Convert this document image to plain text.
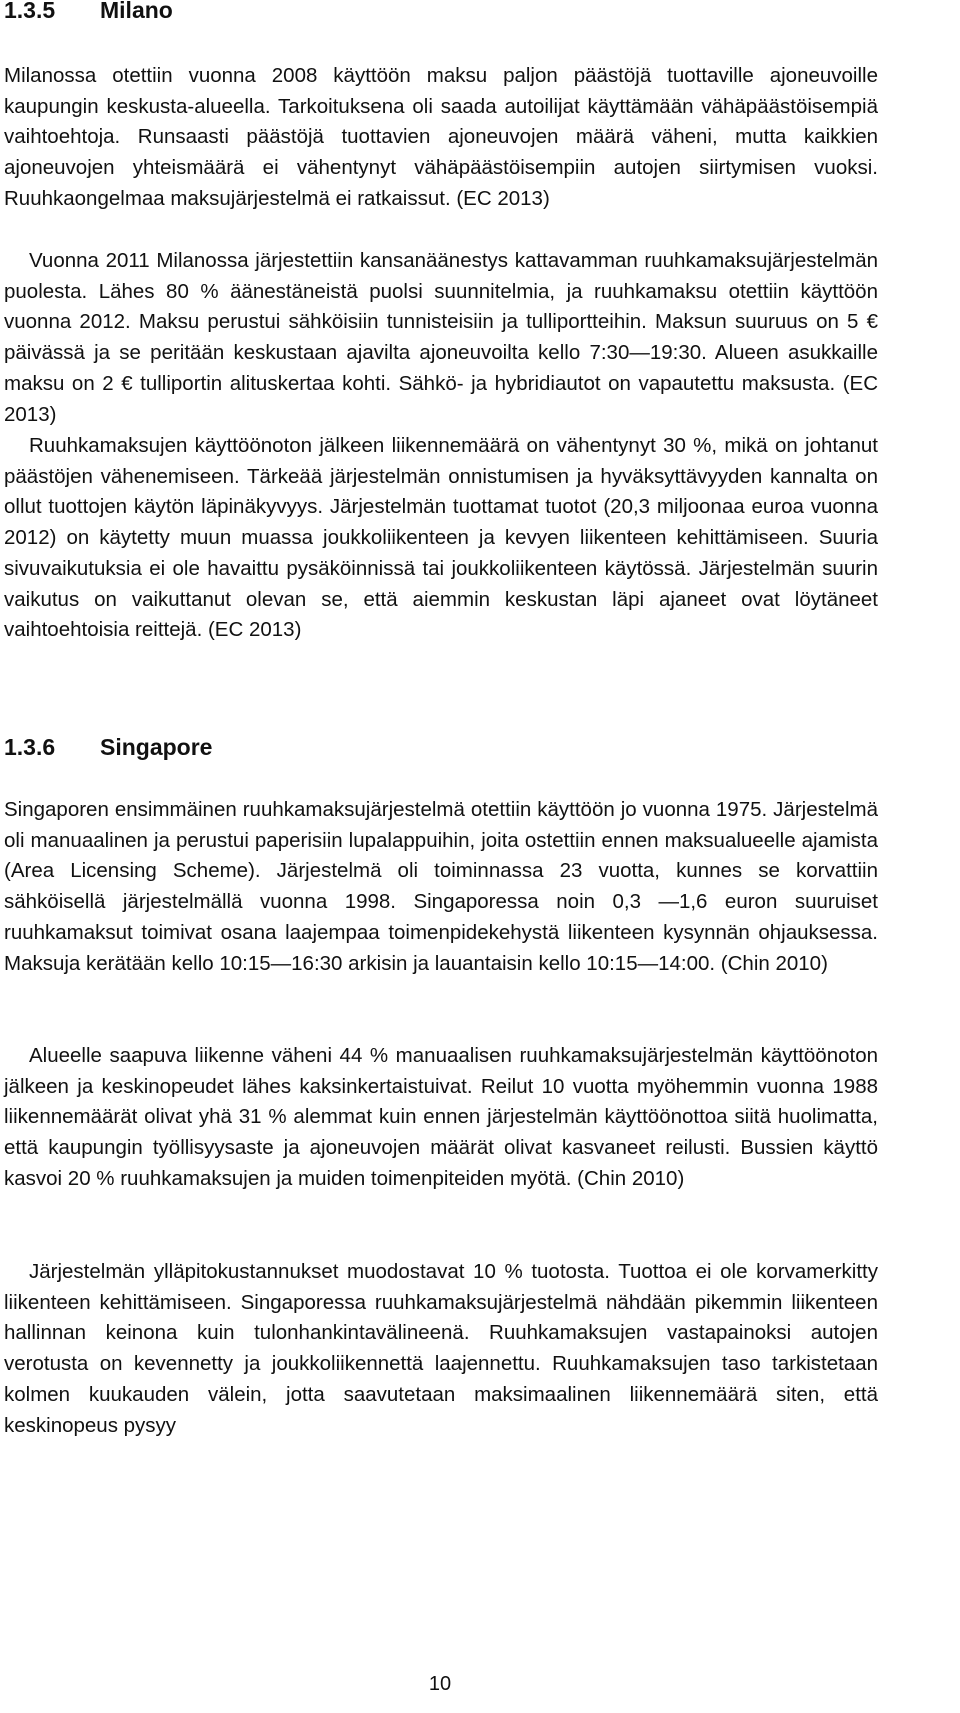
1.3.5 Milano

Milanossa otettiin vuonna 2008 käyttöön maksu paljon päästöjä tuottaville ajoneuvoille kaupungin keskusta-alueella. Tarkoituksena oli saada autoilijat käyttämään vähäpäästöisempiä vaihtoehtoja. Runsaasti päästöjä tuottavien ajoneuvojen määrä väheni, mutta kaikkien ajoneuvojen yhteismäärä ei vähentynyt vähäpäästöisempiin autojen siirtymisen vuoksi. Ruuhkaongelmaa maksujärjestelmä ei ratkaissut. (EC 2013)

Vuonna 2011 Milanossa järjestettiin kansanäänestys kattavamman ruuhkamaksujärjestelmän puolesta. Lähes 80 % äänestäneistä puolsi suunnitelmia, ja ruuhkamaksu otettiin käyttöön vuonna 2012. Maksu perustui sähköisiin tunnisteisiin ja tulliportteihin. Maksun suuruus on 5 € päivässä ja se peritään keskustaan ajavilta ajoneuvoilta kello 7:30—19:30. Alueen asukkaille maksu on 2 € tulliportin alituskertaa kohti. Sähkö- ja hybridiautot on vapautettu maksusta. (EC 2013)

Ruuhkamaksujen käyttöönoton jälkeen liikennemäärä on vähentynyt 30 %, mikä on johtanut päästöjen vähenemiseen. Tärkeää järjestelmän onnistumisen ja hyväksyttävyyden kannalta on ollut tuottojen käytön läpinäkyvyys. Järjestelmän tuottamat tuotot (20,3 miljoonaa euroa vuonna 2012) on käytetty muun muassa joukkoliikenteen ja kevyen liikenteen kehittämiseen. Suuria sivuvaikutuksia ei ole havaittu pysäköinnissä tai joukkoliikenteen käytössä. Järjestelmän suurin vaikutus on vaikuttanut olevan se, että aiemmin keskustan läpi ajaneet ovat löytäneet vaihtoehtoisia reittejä. (EC 2013)

1.3.6 Singapore

Singaporen ensimmäinen ruuhkamaksujärjestelmä otettiin käyttöön jo vuonna 1975. Järjestelmä oli manuaalinen ja perustui paperisiin lupalappuihin, joita ostettiin ennen maksualueelle ajamista (Area Licensing Scheme). Järjestelmä oli toiminnassa 23 vuotta, kunnes se korvattiin sähköisellä järjestelmällä vuonna 1998. Singaporessa noin 0,3 —1,6 euron suuruiset ruuhkamaksut toimivat osana laajempaa toimenpidekehystä liikenteen kysynnän ohjauksessa. Maksuja kerätään kello 10:15—16:30 arkisin ja lauantaisin kello 10:15—14:00. (Chin 2010)

Alueelle saapuva liikenne väheni 44 % manuaalisen ruuhkamaksujärjestelmän käyttöönoton jälkeen ja keskinopeudet lähes kaksinkertaistuivat. Reilut 10 vuotta myöhemmin vuonna 1988 liikennemäärät olivat yhä 31 % alemmat kuin ennen järjestelmän käyttöönottoa siitä huolimatta, että kaupungin työllisyysaste ja ajoneuvojen määrät olivat kasvaneet reilusti. Bussien käyttö kasvoi 20 % ruuhkamaksujen ja muiden toimenpiteiden myötä. (Chin 2010)

Järjestelmän ylläpitokustannukset muodostavat 10 % tuotosta. Tuottoa ei ole korvamerkitty liikenteen kehittämiseen. Singaporessa ruuhkamaksujärjestelmä nähdään pikemmin liikenteen hallinnan keinona kuin tulonhankintavälineenä. Ruuhkamaksujen vastapainoksi autojen verotusta on kevennetty ja joukkoliikennettä laajennettu. Ruuhkamaksujen taso tarkistetaan kolmen kuukauden välein, jotta saavutetaan maksimaalinen liikennemäärä siten, että keskinopeus pysyy

10
